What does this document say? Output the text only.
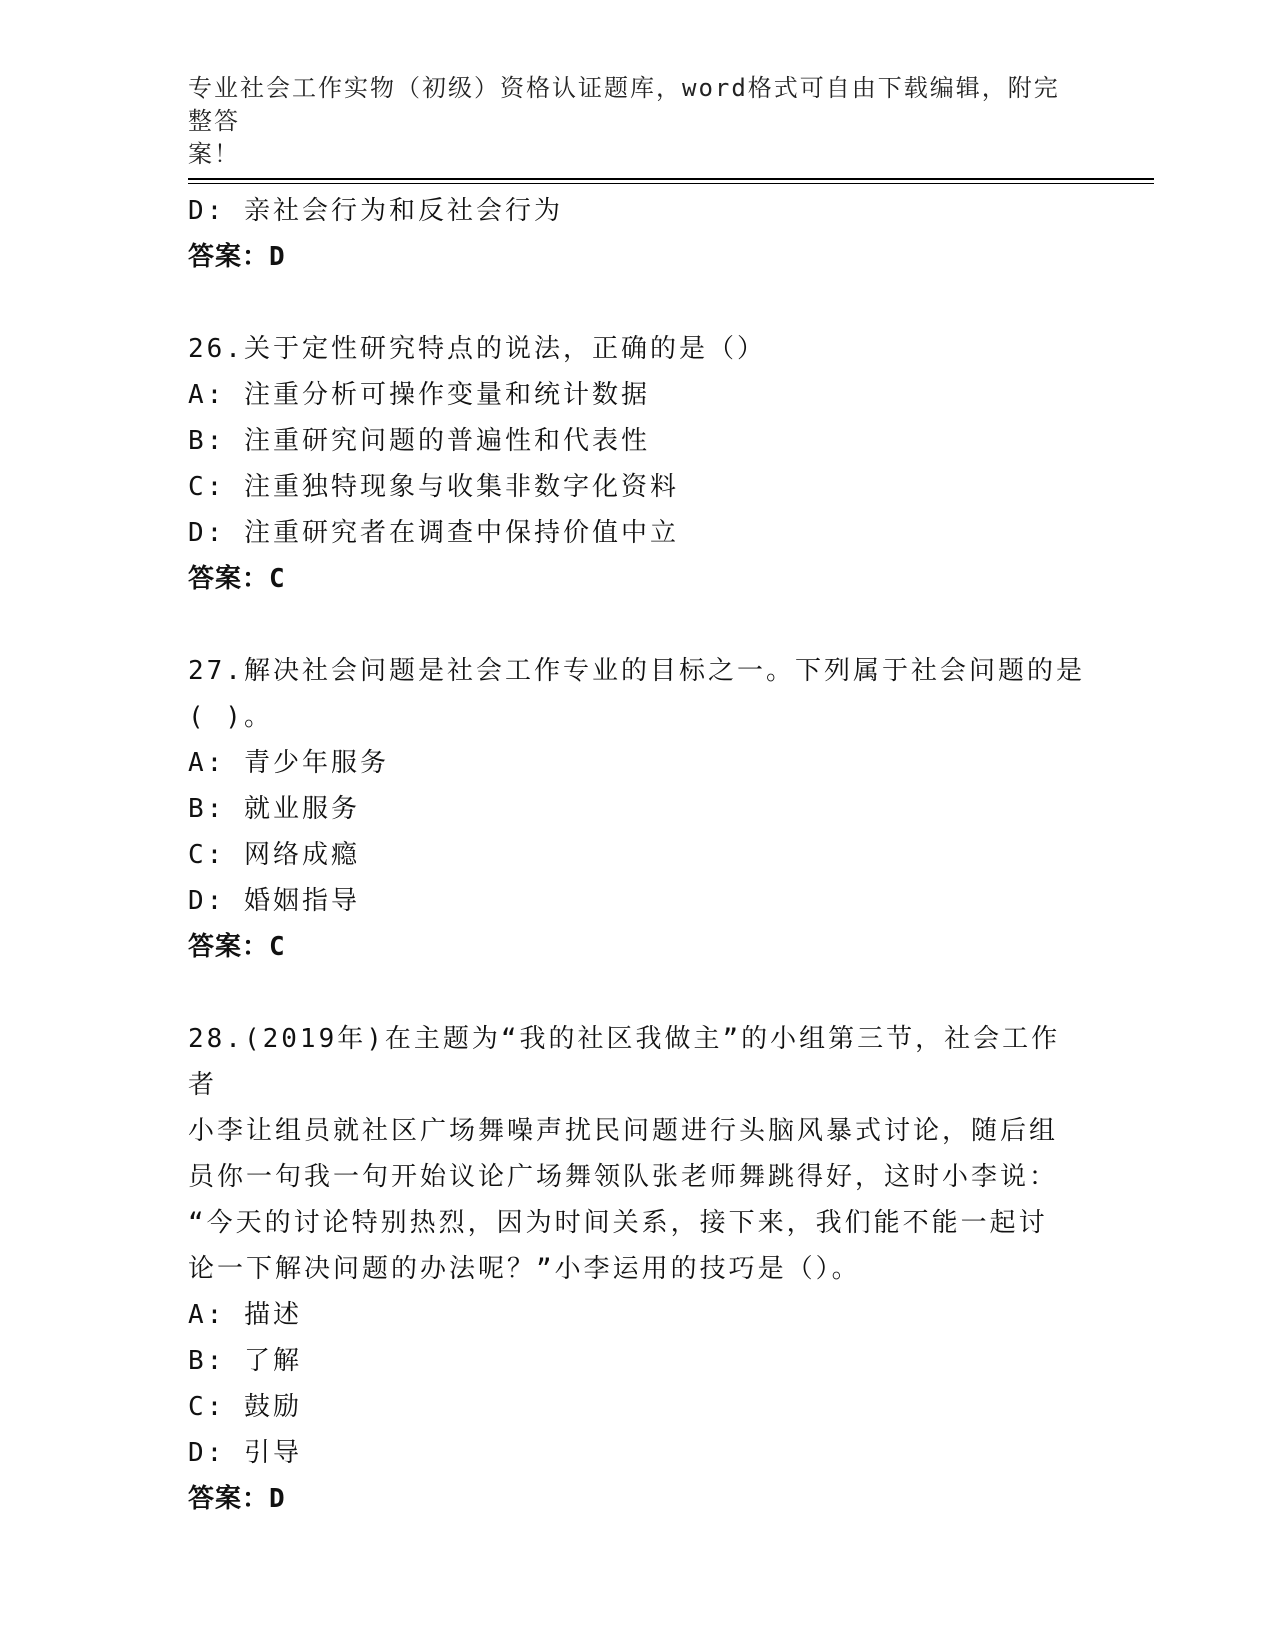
专业社会工作实物（初级）资格认证题库，word格式可自由下载编辑，附完整答
案！
D: 亲社会行为和反社会行为
答案：D
26.关于定性研究特点的说法，正确的是（）
A: 注重分析可操作变量和统计数据
B: 注重研究问题的普遍性和代表性
C: 注重独特现象与收集非数字化资料
D: 注重研究者在调查中保持价值中立
答案：C
27.解决社会问题是社会工作专业的目标之一。下列属于社会问题的是
( )。
A: 青少年服务
B: 就业服务
C: 网络成瘾
D: 婚姻指导
答案：C
28.(2019年)在主题为“我的社区我做主”的小组第三节，社会工作者
小李让组员就社区广场舞噪声扰民问题进行头脑风暴式讨论，随后组
员你一句我一句开始议论广场舞领队张老师舞跳得好，这时小李说：
“今天的讨论特别热烈，因为时间关系，接下来，我们能不能一起讨
论一下解决问题的办法呢？”小李运用的技巧是（）。
A: 描述
B: 了解
C: 鼓励
D: 引导
答案：D
